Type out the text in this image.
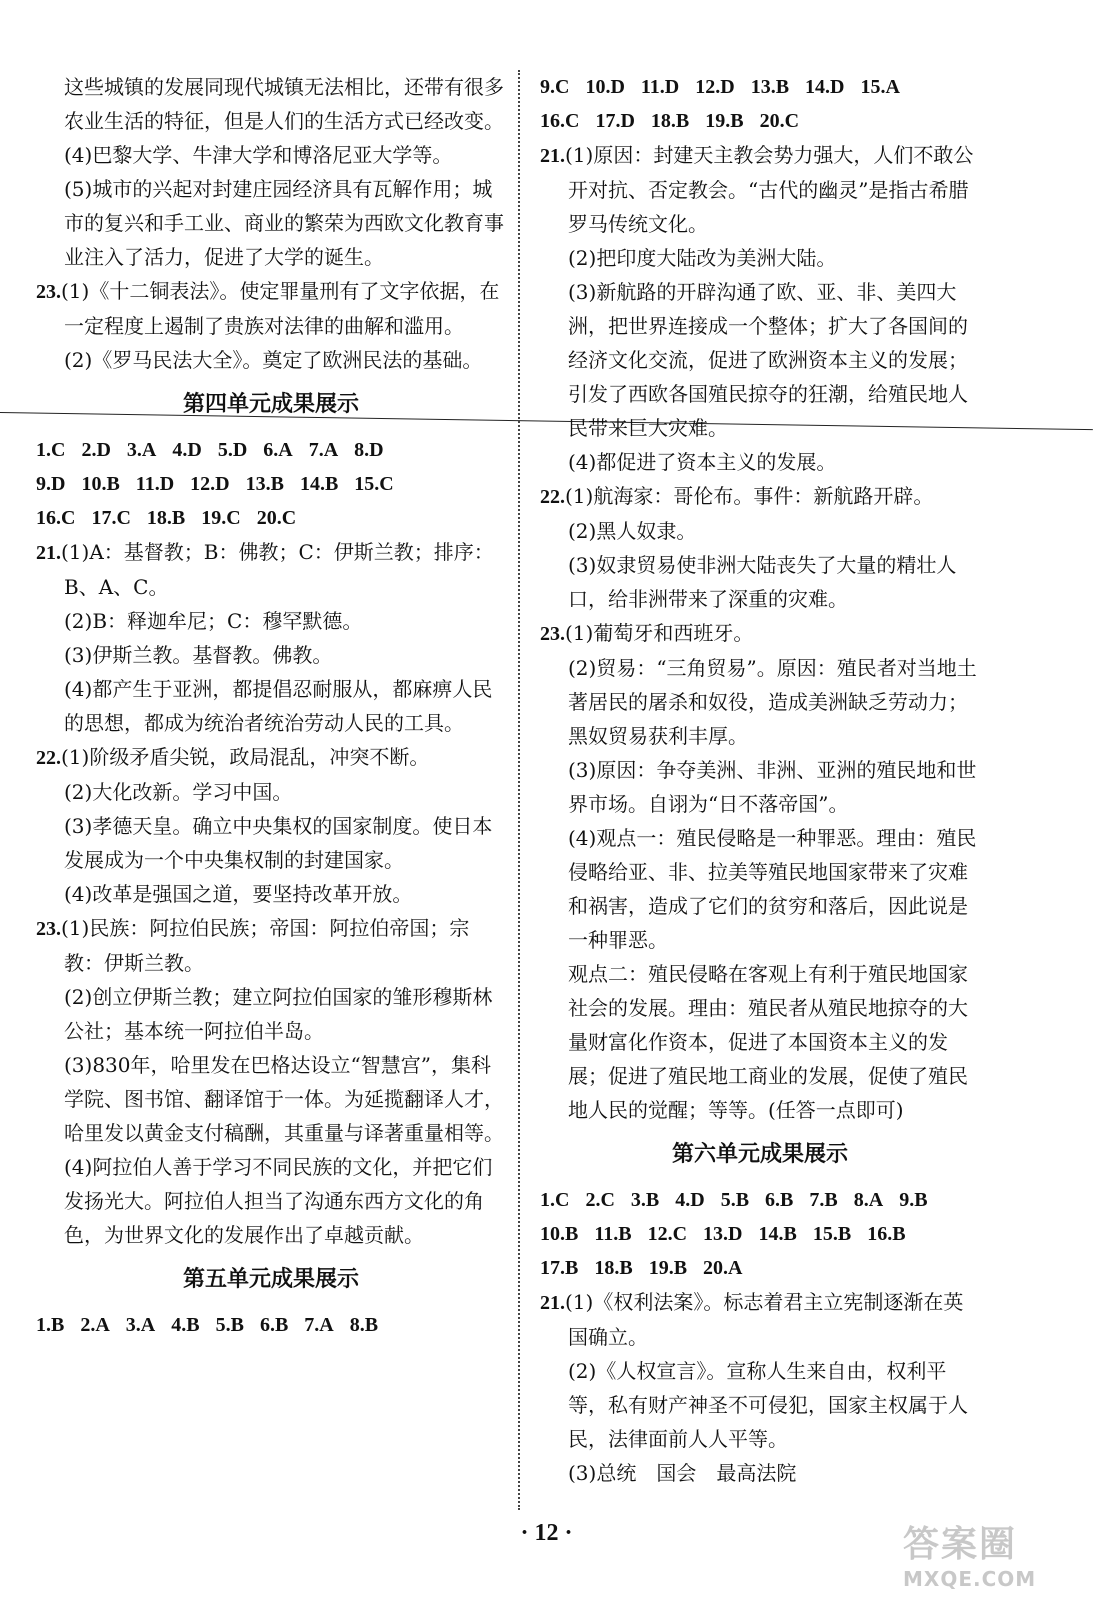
这些城镇的发展同现代城镇无法相比，还带有很多农业生活的特征，但是人们的生活方式已经改变。

(4)巴黎大学、牛津大学和博洛尼亚大学等。

(5)城市的兴起对封建庄园经济具有瓦解作用；城市的复兴和手工业、商业的繁荣为西欧文化教育事业注入了活力，促进了大学的诞生。

23.(1)《十二铜表法》。使定罪量刑有了文字依据，在一定程度上遏制了贵族对法律的曲解和滥用。

(2)《罗马民法大全》。奠定了欧洲民法的基础。

第四单元成果展示
1.C 2.D 3.A 4.D 5.D 6.A 7.A 8.D
9.D 10.B 11.D 12.D 13.B 14.B 15.C
16.C 17.C 18.B 19.C 20.C

21.(1)A：基督教；B：佛教；C：伊斯兰教；排序：B、A、C。

(2)B：释迦牟尼；C：穆罕默德。

(3)伊斯兰教。基督教。佛教。

(4)都产生于亚洲，都提倡忍耐服从，都麻痹人民的思想，都成为统治者统治劳动人民的工具。

22.(1)阶级矛盾尖锐，政局混乱，冲突不断。

(2)大化改新。学习中国。

(3)孝德天皇。确立中央集权的国家制度。使日本发展成为一个中央集权制的封建国家。

(4)改革是强国之道，要坚持改革开放。

23.(1)民族：阿拉伯民族；帝国：阿拉伯帝国；宗教：伊斯兰教。

(2)创立伊斯兰教；建立阿拉伯国家的雏形穆斯林公社；基本统一阿拉伯半岛。

(3)830年，哈里发在巴格达设立“智慧宫”，集科学院、图书馆、翻译馆于一体。为延揽翻译人才，哈里发以黄金支付稿酬，其重量与译著重量相等。

(4)阿拉伯人善于学习不同民族的文化，并把它们发扬光大。阿拉伯人担当了沟通东西方文化的角色，为世界文化的发展作出了卓越贡献。

第五单元成果展示
1.B 2.A 3.A 4.B 5.B 6.B 7.A 8.B
9.C 10.D 11.D 12.D 13.B 14.D 15.A
16.C 17.D 18.B 19.B 20.C

21.(1)原因：封建天主教会势力强大，人们不敢公开对抗、否定教会。“古代的幽灵”是指古希腊罗马传统文化。

(2)把印度大陆改为美洲大陆。

(3)新航路的开辟沟通了欧、亚、非、美四大洲，把世界连接成一个整体；扩大了各国间的经济文化交流，促进了欧洲资本主义的发展；引发了西欧各国殖民掠夺的狂潮，给殖民地人民带来巨大灾难。

(4)都促进了资本主义的发展。

22.(1)航海家：哥伦布。事件：新航路开辟。

(2)黑人奴隶。

(3)奴隶贸易使非洲大陆丧失了大量的精壮人口，给非洲带来了深重的灾难。

23.(1)葡萄牙和西班牙。

(2)贸易：“三角贸易”。原因：殖民者对当地土著居民的屠杀和奴役，造成美洲缺乏劳动力；黑奴贸易获利丰厚。

(3)原因：争夺美洲、非洲、亚洲的殖民地和世界市场。自诩为“日不落帝国”。

(4)观点一：殖民侵略是一种罪恶。理由：殖民侵略给亚、非、拉美等殖民地国家带来了灾难和祸害，造成了它们的贫穷和落后，因此说是一种罪恶。

观点二：殖民侵略在客观上有利于殖民地国家社会的发展。理由：殖民者从殖民地掠夺的大量财富化作资本，促进了本国资本主义的发展；促进了殖民地工商业的发展，促使了殖民地人民的觉醒；等等。(任答一点即可)

第六单元成果展示
1.C 2.C 3.B 4.D 5.B 6.B 7.B 8.A 9.B
10.B 11.B 12.C 13.D 14.B 15.B 16.B
17.B 18.B 19.B 20.A

21.(1)《权利法案》。标志着君主立宪制逐渐在英国确立。

(2)《人权宣言》。宣称人生来自由，权利平等，私有财产神圣不可侵犯，国家主权属于人民，法律面前人人平等。

(3)总统　国会　最高法院

· 12 ·	答案圈
MXQE.COM
